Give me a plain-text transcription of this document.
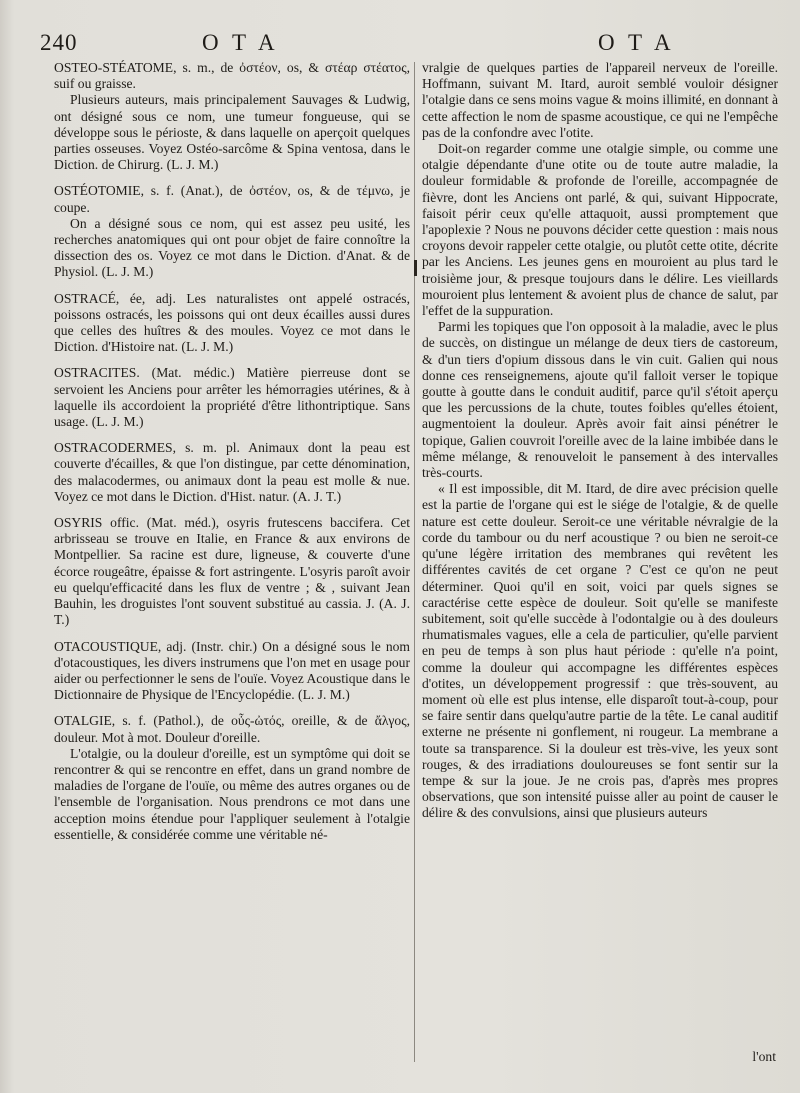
240	O T A	O T A

OSTEO-STÉATOME, s. m., de ὀστέον, os, & στέαρ στέατος, suif ou graisse.

Plusieurs auteurs, mais principalement Sauvages & Ludwig, ont désigné sous ce nom, une tumeur fongueuse, qui se développe sous le périoste, & dans laquelle on aperçoit quelques parties osseuses. Voyez Ostéo-sarcôme & Spina ventosa, dans le Diction. de Chirurg. (L. J. M.)

OSTÉOTOMIE, s. f. (Anat.), de ὀστέον, os, & de τέμνω, je coupe.

On a désigné sous ce nom, qui est assez peu usité, les recherches anatomiques qui ont pour objet de faire connoître la dissection des os. Voyez ce mot dans le Diction. d'Anat. & de Physiol. (L. J. M.)

OSTRACÉ, ée, adj. Les naturalistes ont appelé ostracés, poissons ostracés, les poissons qui ont deux écailles aussi dures que celles des huîtres & des moules. Voyez ce mot dans le Diction. d'Histoire nat. (L. J. M.)

OSTRACITES. (Mat. médic.) Matière pierreuse dont se servoient les Anciens pour arrêter les hémorragies utérines, & à laquelle ils accordoient la propriété d'être lithontriptique. Sans usage. (L. J. M.)

OSTRACODERMES, s. m. pl. Animaux dont la peau est couverte d'écailles, & que l'on distingue, par cette dénomination, des malacodermes, ou animaux dont la peau est molle & nue. Voyez ce mot dans le Diction. d'Hist. natur. (A. J. T.)

OSYRIS offic. (Mat. méd.), osyris frutescens baccifera. Cet arbrisseau se trouve en Italie, en France & aux environs de Montpellier. Sa racine est dure, ligneuse, & couverte d'une écorce rougeâtre, épaisse & fort astringente. L'osyris paroît avoir eu quelqu'efficacité dans les flux de ventre ; & , suivant Jean Bauhin, les droguistes l'ont souvent substitué au cassia. J. (A. J. T.)

OTACOUSTIQUE, adj. (Instr. chir.) On a désigné sous le nom d'otacoustiques, les divers instrumens que l'on met en usage pour aider ou perfectionner le sens de l'ouïe. Voyez Acoustique dans le Dictionnaire de Physique de l'Encyclopédie. (L. J. M.)

OTALGIE, s. f. (Pathol.), de οὖς-ὠτός, oreille, & de ἄλγος, douleur. Mot à mot. Douleur d'oreille.

L'otalgie, ou la douleur d'oreille, est un symptôme qui doit se rencontrer & qui se rencontre en effet, dans un grand nombre de maladies de l'organe de l'ouïe, ou même des autres organes ou de l'ensemble de l'organisation. Nous prendrons ce mot dans une acception moins étendue pour l'appliquer seulement à l'otalgie essentielle, & considérée comme une véritable né-

vralgie de quelques parties de l'appareil nerveux de l'oreille. Hoffmann, suivant M. Itard, auroit semblé vouloir désigner l'otalgie dans ce sens moins vague & moins illimité, en donnant à cette affection le nom de spasme acoustique, ce qui ne l'empêche pas de la confondre avec l'otite.

Doit-on regarder comme une otalgie simple, ou comme une otalgie dépendante d'une otite ou de toute autre maladie, la douleur formidable & profonde de l'oreille, accompagnée de fièvre, dont les Anciens ont parlé, & qui, suivant Hippocrate, faisoit périr ceux qu'elle attaquoit, aussi promptement que l'apoplexie ? Nous ne pouvons décider cette question : mais nous croyons devoir rappeler cette otalgie, ou plutôt cette otite, décrite par les Anciens. Les jeunes gens en mouroient au plus tard le troisième jour, & presque toujours dans le délire. Les vieillards mouroient plus lentement & avoient plus de chance de salut, par l'effet de la suppuration.

Parmi les topiques que l'on opposoit à la maladie, avec le plus de succès, on distingue un mélange de deux tiers de castoreum, & d'un tiers d'opium dissous dans le vin cuit. Galien qui nous donne ces renseignemens, ajoute qu'il falloit verser le topique goutte à goutte dans le conduit auditif, parce qu'il s'étoit aperçu que les percussions de la chute, toutes foibles qu'elles étoient, augmentoient la douleur. Après avoir fait ainsi pénétrer le topique, Galien couvroit l'oreille avec de la laine imbibée dans le même mélange, & renouveloit le pansement à des intervalles très-courts.

« Il est impossible, dit M. Itard, de dire avec précision quelle est la partie de l'organe qui est le siége de l'otalgie, & de quelle nature est cette douleur. Seroit-ce une véritable névralgie de la corde du tambour ou du nerf acoustique ? ou bien ne seroit-ce qu'une légère irritation des membranes qui revêtent les différentes cavités de cet organe ? C'est ce qu'on ne peut déterminer. Quoi qu'il en soit, voici par quels signes se caractérise cette espèce de douleur. Soit qu'elle se manifeste subitement, soit qu'elle succède à l'odontalgie ou à des douleurs rhumatismales vagues, elle a cela de particulier, qu'elle parvient en peu de temps à son plus haut période : qu'elle n'a point, comme la douleur qui accompagne les différentes espèces d'otites, un développement progressif : que très-souvent, au moment où elle est plus intense, elle disparoît tout-à-coup, pour se faire sentir dans quelqu'autre partie de la tête. Le canal auditif externe ne présente ni gonflement, ni rougeur. La membrane a toute sa transparence. Si la douleur est très-vive, les yeux sont rouges, & des irradiations douloureuses se font sentir sur la tempe & sur la joue. Je ne crois pas, d'après mes propres observations, que son intensité puisse aller au point de causer le délire & des convulsions, ainsi que plusieurs auteurs

l'ont
